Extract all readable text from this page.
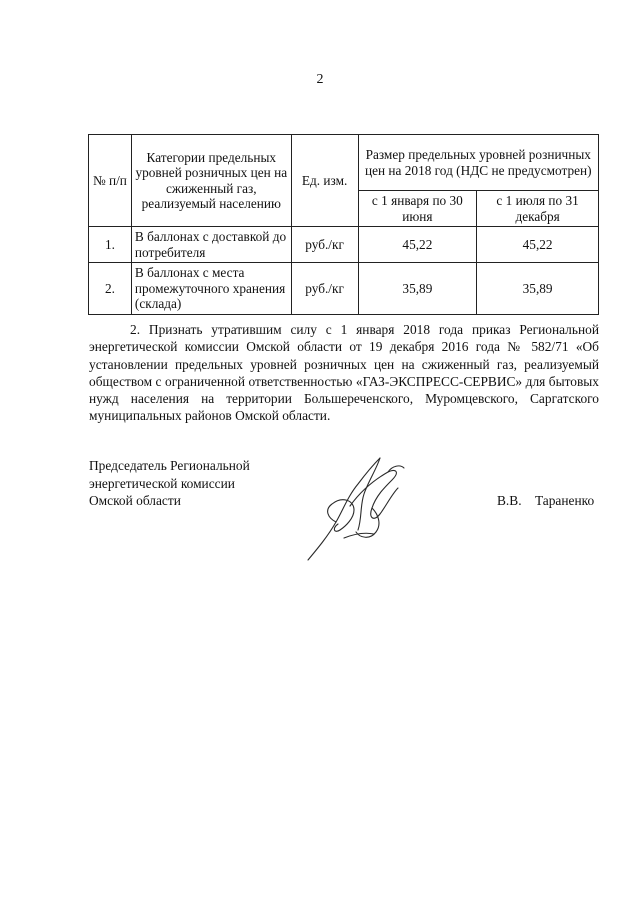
2
№ п/п	Категории предельных уровней розничных цен на сжиженный газ, реализуемый населению	Ед. изм.	Размер предельных уровней розничных цен на 2018 год (НДС не предусмотрен)	
			с 1 января по 30 июня	с 1 июля по 31 декабря
1.	В баллонах с доставкой до потребителя	руб./кг	45,22	45,22
2.	В баллонах с места промежуточного хранения (склада)	руб./кг	35,89	35,89

2. Признать утратившим силу с 1 января 2018 года приказ Региональной энергетической комиссии Омской области от 19 декабря 2016 года № 582/71 «Об установлении предельных уровней розничных цен на сжиженный газ, реализуемый обществом с ограниченной ответственностью «ГАЗ-ЭКСПРЕСС-СЕРВИС» для бытовых нужд населения на территории Большереченского, Муромцевского, Саргатского муниципальных районов Омской области.

Председатель Региональной
энергетической комиссии
Омской области	В.В.    Тараненко
